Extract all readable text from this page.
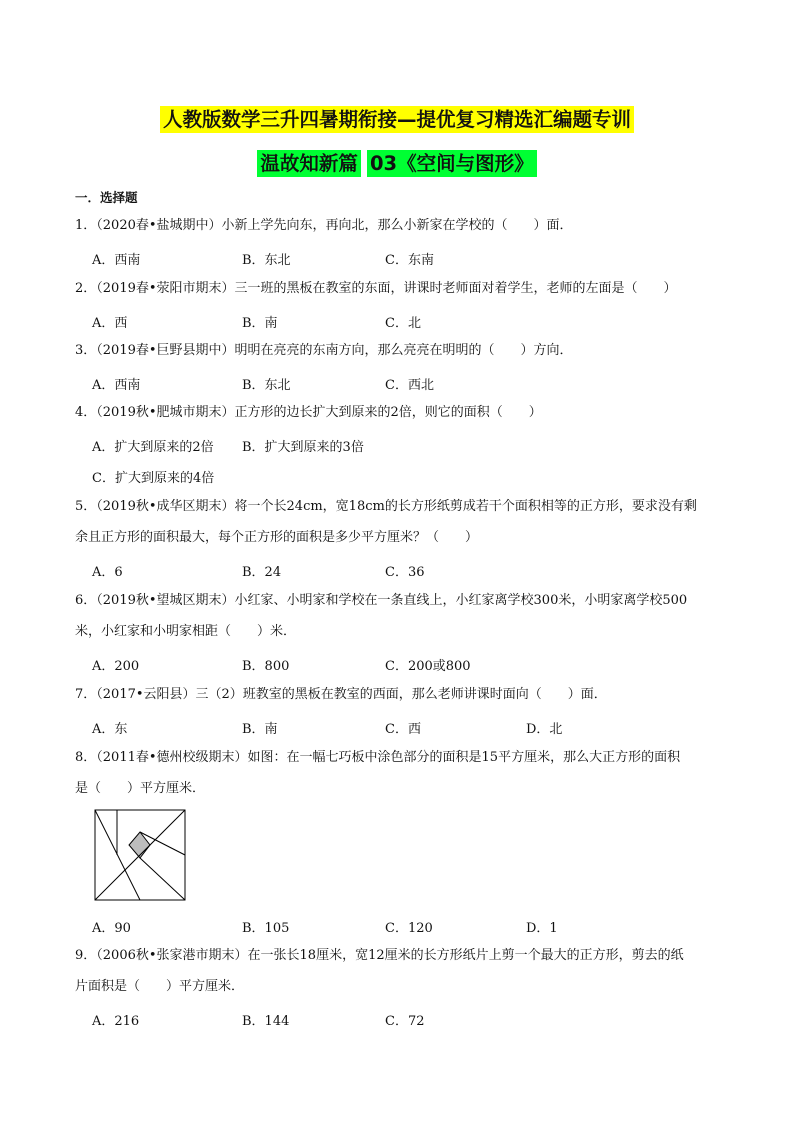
人教版数学三升四暑期衔接—提优复习精选汇编题专训
温故知新篇 03《空间与图形》
一．选择题
1．（2020春•盐城期中）小新上学先向东，再向北，那么小新家在学校的（　　）面．
A．西南	B．东北	C．东南
2．（2019春•荥阳市期末）三一班的黑板在教室的东面，讲课时老师面对着学生，老师的左面是（　　）
A．西	B．南	C．北
3．（2019春•巨野县期中）明明在亮亮的东南方向，那么亮亮在明明的（　　）方向．
A．西南	B．东北	C．西北
4．（2019秋•肥城市期末）正方形的边长扩大到原来的2倍，则它的面积（　　）
A．扩大到原来的2倍 B．扩大到原来的3倍
C．扩大到原来的4倍
5．（2019秋•成华区期末）将一个长24cm，宽18cm的长方形纸剪成若干个面积相等的正方形，要求没有剩
余且正方形的面积最大，每个正方形的面积是多少平方厘米？（　　）
A．6	B．24	C．36
6．（2019秋•望城区期末）小红家、小明家和学校在一条直线上，小红家离学校300米，小明家离学校500
米，小红家和小明家相距（　　）米．
A．200	B．800	C．200或800
7．（2017•云阳县）三（2）班教室的黑板在教室的西面，那么老师讲课时面向（　　）面．
A．东	B．南	C．西	D．北
8．（2011春•德州校级期末）如图：在一幅七巧板中涂色部分的面积是15平方厘米，那么大正方形的面积
是（　　）平方厘米．
A．90	B．105	C．120	D．1
9．（2006秋•张家港市期末）在一张长18厘米，宽12厘米的长方形纸片上剪一个最大的正方形，剪去的纸
片面积是（　　）平方厘米．
A．216	B．144	C．72
